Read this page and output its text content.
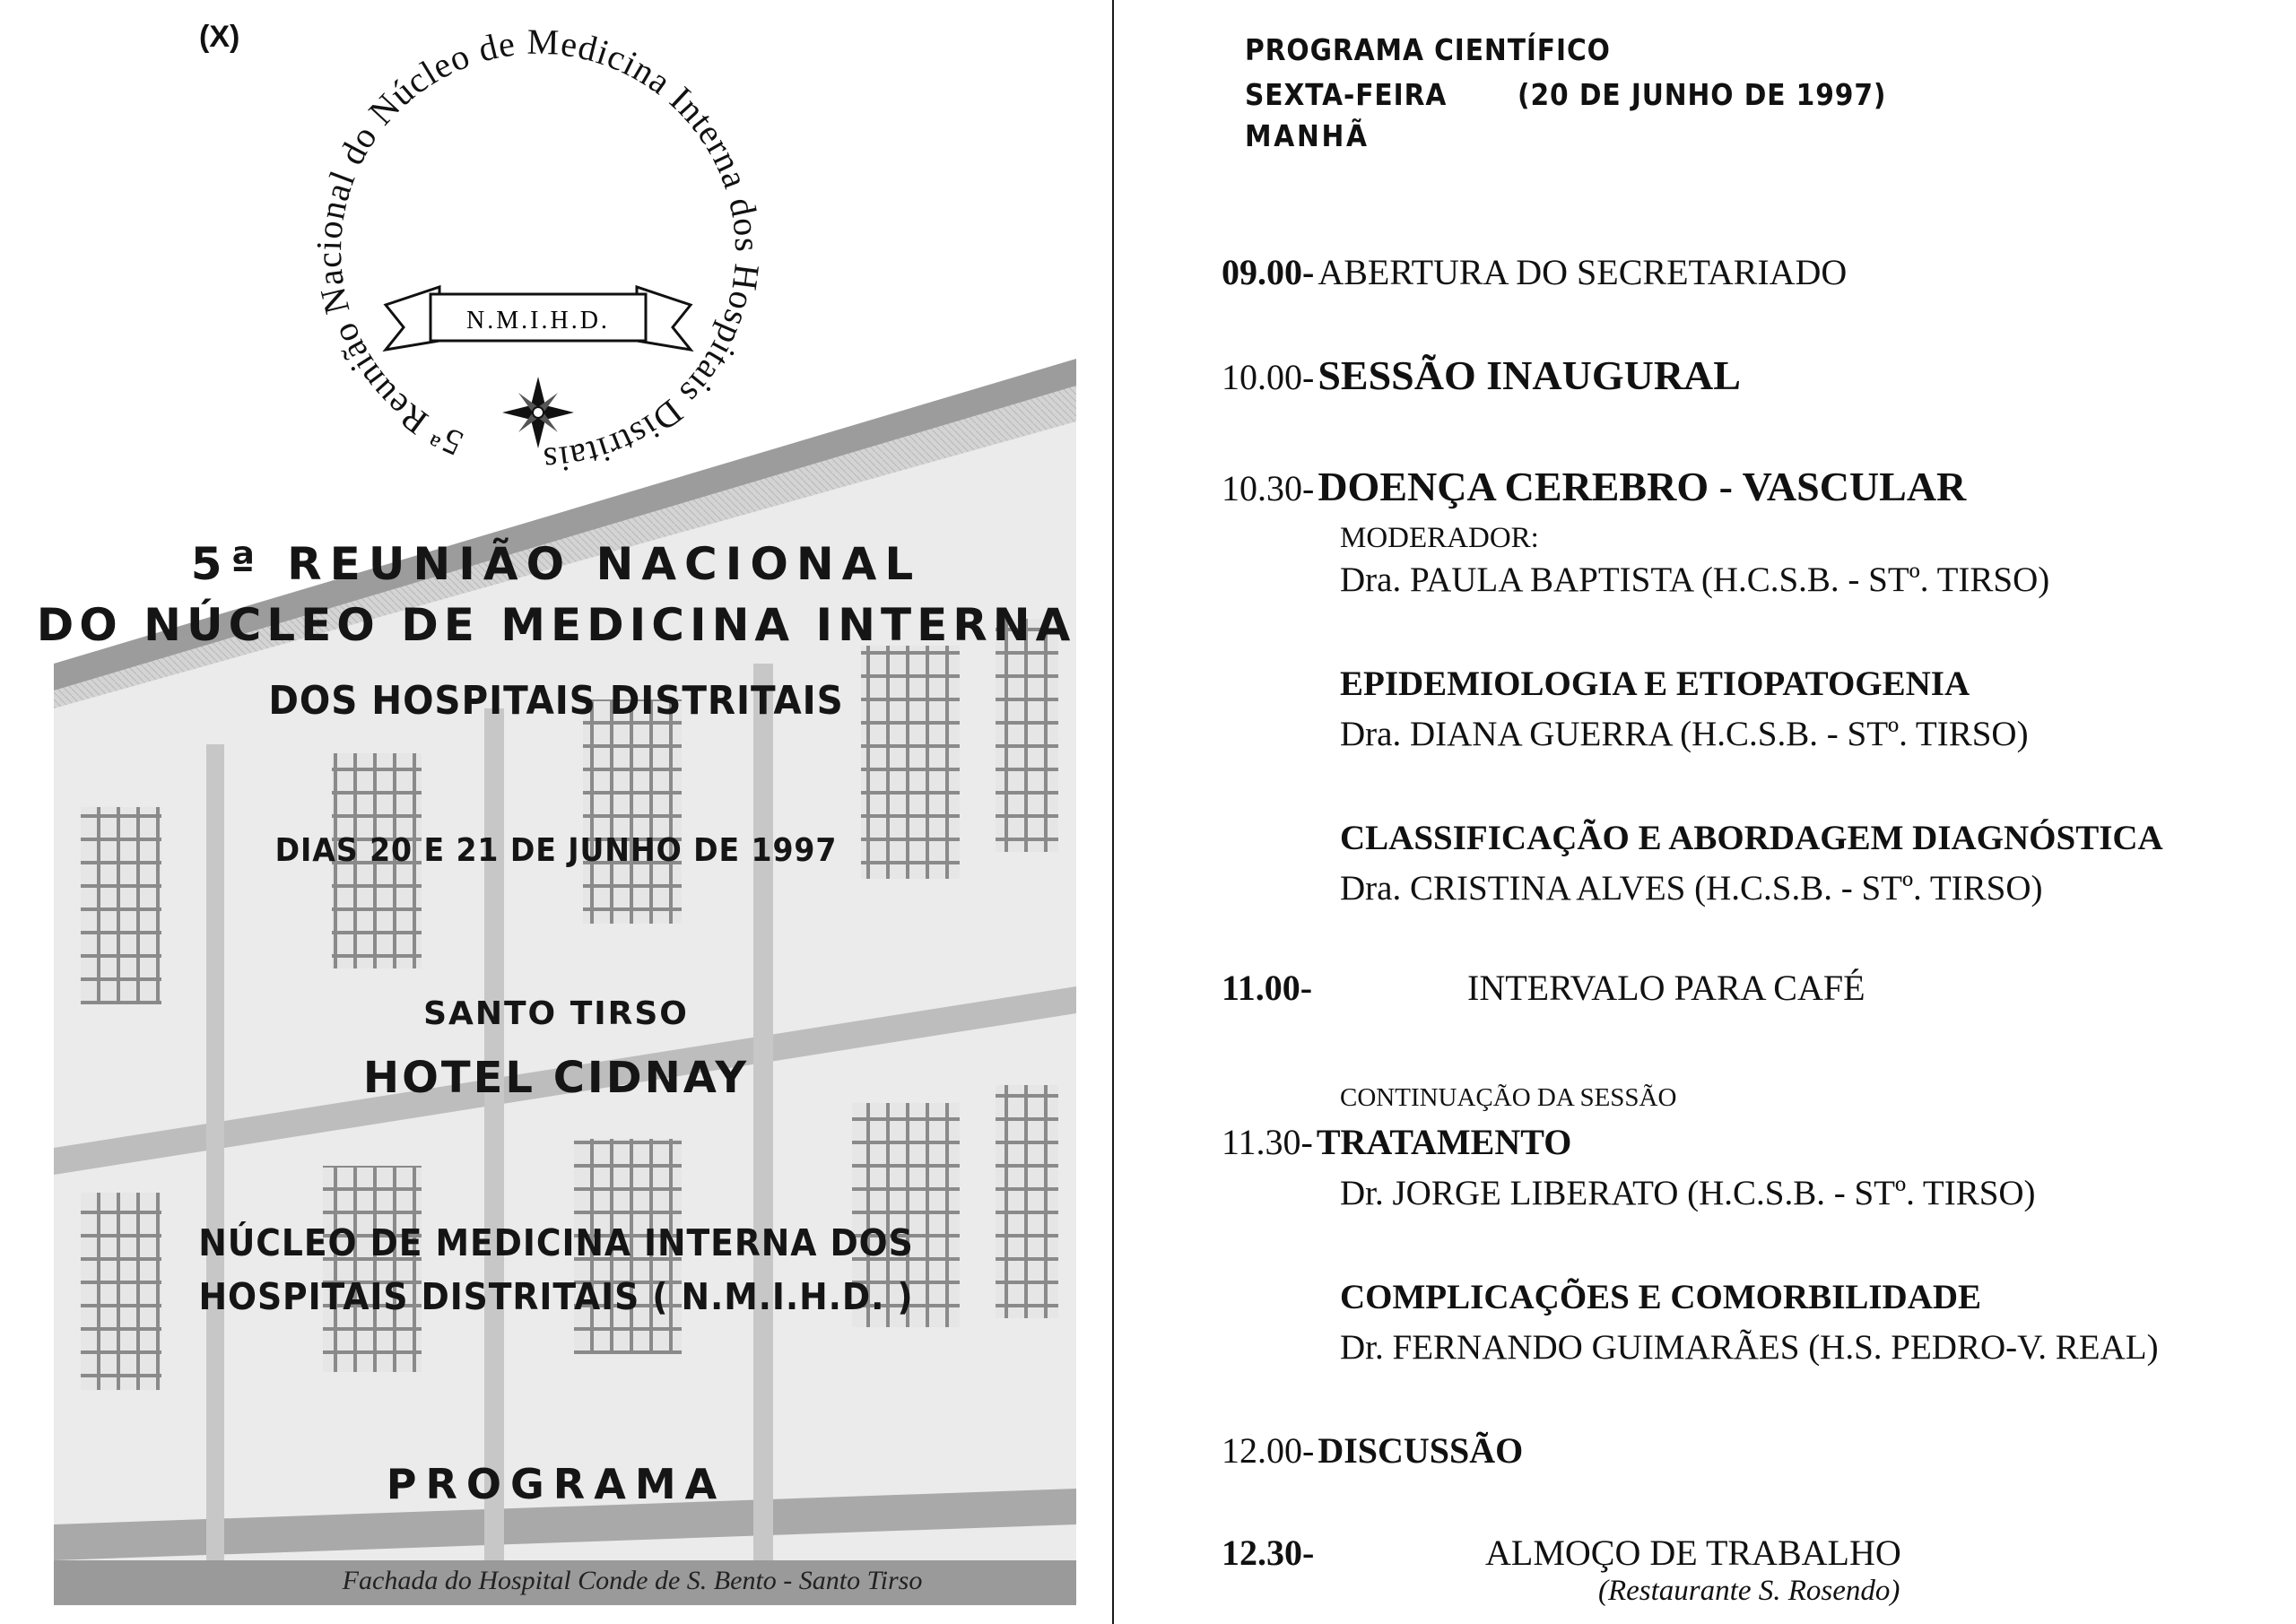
(X)
5ª Reunião Nacional do Núcleo de Medicina Interna dos Hospitais Distritais
N.M.I.H.D.
5ª REUNIÃO NACIONAL
DO NÚCLEO DE MEDICINA INTERNA
DOS HOSPITAIS DISTRITAIS
DIAS 20 E 21 DE JUNHO DE 1997
SANTO TIRSO
HOTEL CIDNAY
NÚCLEO DE MEDICINA INTERNA DOS
HOSPITAIS DISTRITAIS ( N.M.I.H.D. )
PROGRAMA
Fachada do Hospital Conde de S. Bento - Santo Tirso
PROGRAMA CIENTÍFICO
SEXTA-FEIRA (20 DE JUNHO DE 1997)
MANHÃ
09.00- ABERTURA DO SECRETARIADO
10.00- SESSÃO INAUGURAL
10.30- DOENÇA CEREBRO - VASCULAR
MODERADOR:
Dra. PAULA BAPTISTA (H.C.S.B. - STº. TIRSO)
EPIDEMIOLOGIA E ETIOPATOGENIA
Dra. DIANA GUERRA (H.C.S.B. - STº. TIRSO)
CLASSIFICAÇÃO E ABORDAGEM DIAGNÓSTICA
Dra. CRISTINA ALVES (H.C.S.B. - STº. TIRSO)
11.00-	INTERVALO PARA CAFÉ
CONTINUAÇÃO DA SESSÃO
11.30- TRATAMENTO
Dr. JORGE LIBERATO (H.C.S.B. - STº. TIRSO)
COMPLICAÇÕES E COMORBILIDADE
Dr. FERNANDO GUIMARÃES (H.S. PEDRO-V. REAL)
12.00- DISCUSSÃO
12.30-	ALMOÇO DE TRABALHO
(Restaurante S. Rosendo)
